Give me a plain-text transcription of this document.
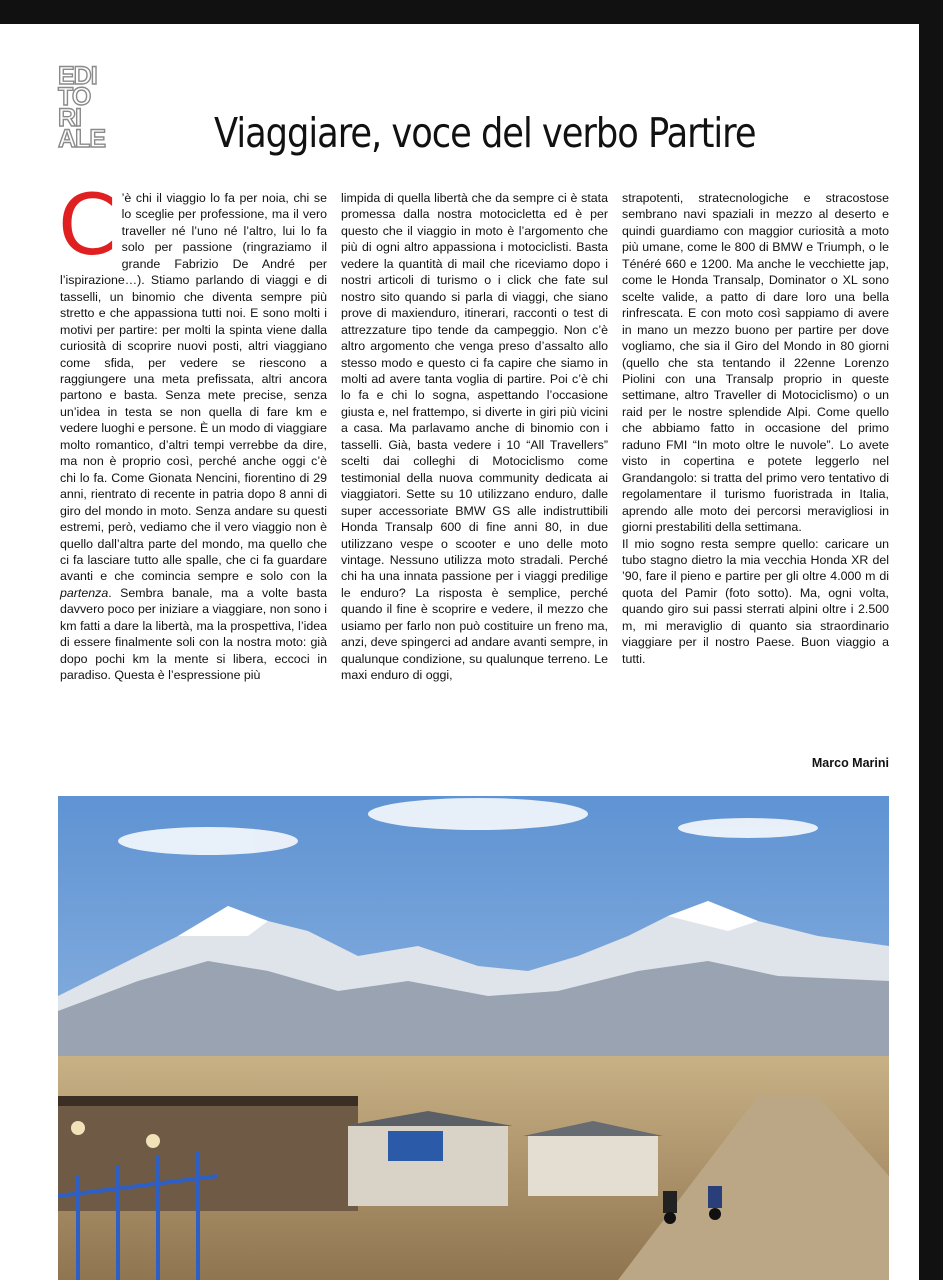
EDI
TO
RI
ALE	Viaggiare, voce del verbo Partire

C ’è chi il viaggio lo fa per noia, chi se lo sceglie per professione, ma il vero traveller né l’uno né l’altro, lui lo fa solo per passione (ringraziamo il grande Fabrizio De André per l’ispirazione…). Stiamo parlando di viaggi e di tasselli, un binomio che diventa sempre più stretto e che appassiona tutti noi. E sono molti i motivi per partire: per molti la spinta viene dalla curiosità di scoprire nuovi posti, altri viaggiano come sfida, per vedere se riescono a raggiungere una meta prefissata, altri ancora partono e basta. Senza mete precise, senza un’idea in testa se non quella di fare km e vedere luoghi e persone. È un modo di viaggiare molto romantico, d’altri tempi verrebbe da dire, ma non è proprio così, perché anche oggi c’è chi lo fa. Come Gionata Nencini, fiorentino di 29 anni, rientrato di recente in patria dopo 8 anni di giro del mondo in moto. Senza andare su questi estremi, però, vediamo che il vero viaggio non è quello dall’altra parte del mondo, ma quello che ci fa lasciare tutto alle spalle, che ci fa guardare avanti e che comincia sempre e solo con la partenza. Sembra banale, ma a volte basta davvero poco per iniziare a viaggiare, non sono i km fatti a dare la libertà, ma la prospettiva, l’idea di essere finalmente soli con la nostra moto: già dopo pochi km la mente si libera, eccoci in paradiso. Questa è l’espressione più

limpida di quella libertà che da sempre ci è stata promessa dalla nostra motocicletta ed è per questo che il viaggio in moto è l’argomento che più di ogni altro appassiona i motociclisti. Basta vedere la quantità di mail che riceviamo dopo i nostri articoli di turismo o i click che fate sul nostro sito quando si parla di viaggi, che siano prove di maxienduro, itinerari, racconti o test di attrezzature tipo tende da campeggio. Non c’è altro argomento che venga preso d’assalto allo stesso modo e questo ci fa capire che siamo in molti ad avere tanta voglia di partire. Poi c’è chi lo fa e chi lo sogna, aspettando l’occasione giusta e, nel frattempo, si diverte in giri più vicini a casa. Ma parlavamo anche di binomio con i tasselli. Già, basta vedere i 10 “All Travellers” scelti dai colleghi di Motociclismo come testimonial della nuova community dedicata ai viaggiatori. Sette su 10 utilizzano enduro, dalle super accessoriate BMW GS alle indistruttibili Honda Transalp 600 di fine anni 80, in due utilizzano vespe o scooter e uno delle moto vintage. Nessuno utilizza moto stradali. Perché chi ha una innata passione per i viaggi predilige le enduro? La risposta è semplice, perché quando il fine è scoprire e vedere, il mezzo che usiamo per farlo non può costituire un freno ma, anzi, deve spingerci ad andare avanti sempre, in qualunque condizione, su qualunque terreno. Le maxi enduro di oggi,

strapotenti, stratecnologiche e stracostose sembrano navi spaziali in mezzo al deserto e quindi guardiamo con maggior curiosità a moto più umane, come le 800 di BMW e Triumph, o le Ténéré 660 e 1200. Ma anche le vecchiette jap, come le Honda Transalp, Dominator o XL sono scelte valide, a patto di dare loro una bella rinfrescata. E con moto così sappiamo di avere in mano un mezzo buono per partire per dove vogliamo, che sia il Giro del Mondo in 80 giorni (quello che sta tentando il 22enne Lorenzo Piolini con una Transalp proprio in queste settimane, altro Traveller di Motociclismo) o un raid per le nostre splendide Alpi. Come quello che abbiamo fatto in occasione del primo raduno FMI “In moto oltre le nuvole”. Lo avete visto in copertina e potete leggerlo nel Grandangolo: si tratta del primo vero tentativo di regolamentare il turismo fuoristrada in Italia, aprendo alle moto dei percorsi meravigliosi in giorni prestabiliti della settimana.

Il mio sogno resta sempre quello: caricare un tubo stagno dietro la mia vecchia Honda XR del ’90, fare il pieno e partire per gli oltre 4.000 m di quota del Pamir (foto sotto). Ma, ogni volta, quando giro sui passi sterrati alpini oltre i 2.500 m, mi meraviglio di quanto sia straordinario viaggiare per il nostro Paese. Buon viaggio a tutti.

Marco Marini
